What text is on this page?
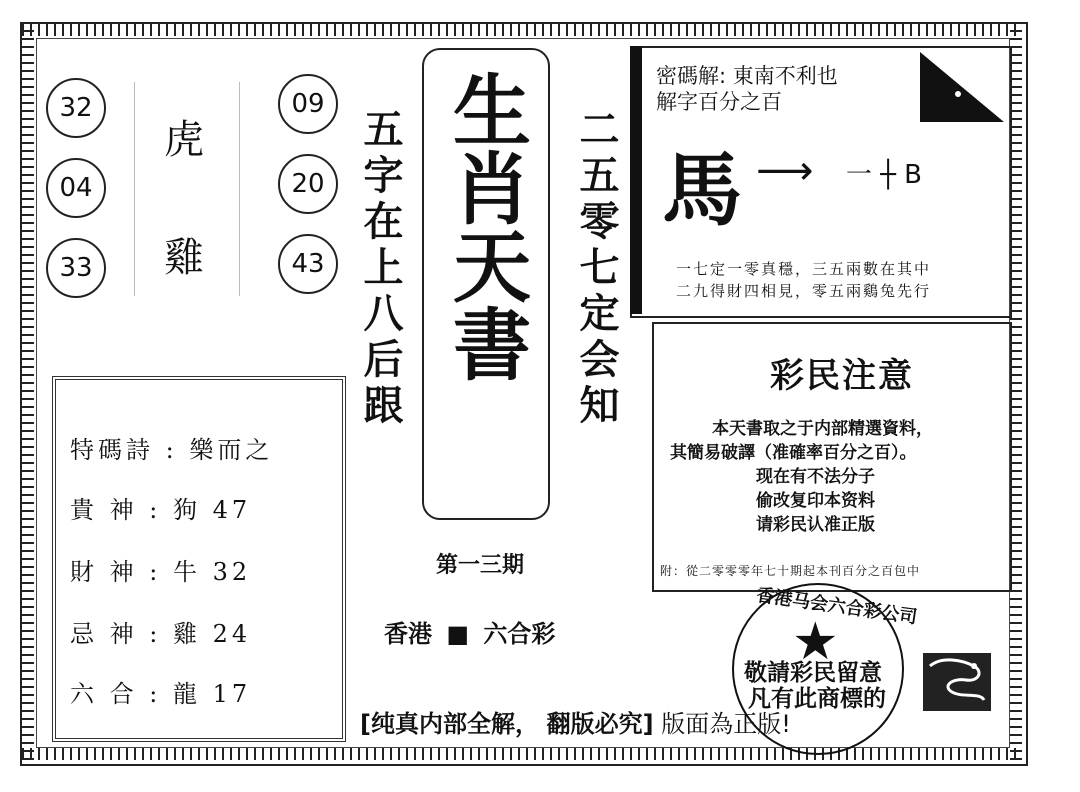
32
04
33
虎
雞
09
20
43 五字在上八后跟 生肖天書 二五零七定会知
特碼詩 : 樂而之
貴 神 : 狗 47
財 神 : 牛 32
忌 神 : 雞 24
六 合 : 龍 17
第一三期
香港 ■ 六合彩
密碼解: 東南不利也
解字百分之百
馬 ⟶ 一 ┼ B
一七定一零真穩，三五兩數在其中
二九得財四相見，零五兩鷄兔先行
彩民注意
本天書取之于内部精選資料，
其簡易破譯（准確率百分之百）。
现在有不法分子
偷改复印本资料
请彩民认准正版
附：從二零零零年七十期起本刊百分之百包中
香港马会六合彩公司
★
敬請彩民留意
凡有此商標的
[纯真内部全解， 翻版必究] 版面為正版!
